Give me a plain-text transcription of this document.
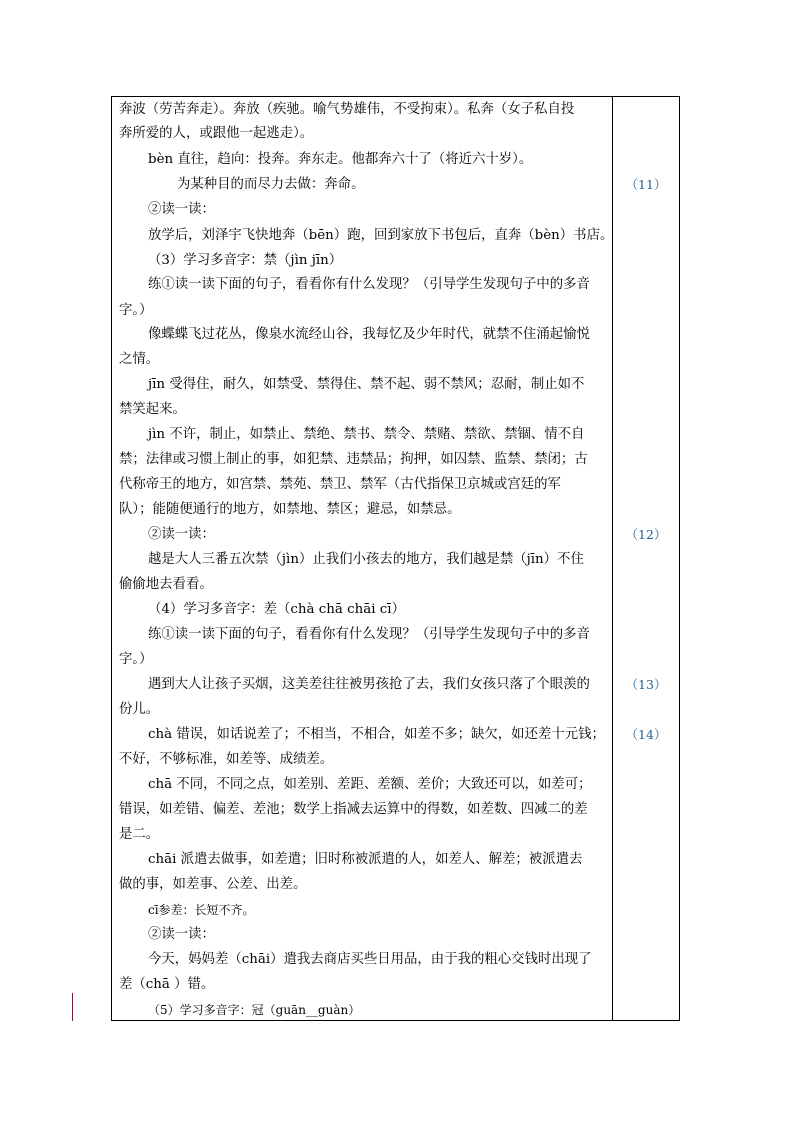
奔波（劳苦奔走）。奔放（疾驰。喻气势雄伟，不受拘束）。私奔（女子私自投
奔所爱的人，或跟他一起逃走）。
bèn 直往，趋向：投奔。奔东走。他都奔六十了（将近六十岁）。
为某种目的而尽力去做：奔命。
②读一读：
放学后，刘泽宇飞快地奔（bēn）跑，回到家放下书包后，直奔（bèn）书店。
（3）学习多音字：禁（jìn jīn）
练①读一读下面的句子，看看你有什么发现？（引导学生发现句子中的多音
字。）
像蝶蝶飞过花丛，像泉水流经山谷，我每忆及少年时代，就禁不住涌起愉悦
之情。
jīn 受得住，耐久，如禁受、禁得住、禁不起、弱不禁风；忍耐，制止如不
禁笑起来。
jìn 不许，制止，如禁止、禁绝、禁书、禁令、禁赌、禁欲、禁锢、情不自
禁；法律或习惯上制止的事，如犯禁、违禁品；拘押，如囚禁、监禁、禁闭；古
代称帝王的地方，如宫禁、禁苑、禁卫、禁军（古代指保卫京城或宫廷的军
队）；能随便通行的地方，如禁地、禁区；避忌，如禁忌。
②读一读：
越是大人三番五次禁（jìn）止我们小孩去的地方，我们越是禁（jīn）不住
偷偷地去看看。
（4）学习多音字：差（chà chā chāi cī）
练①读一读下面的句子，看看你有什么发现？（引导学生发现句子中的多音
字。）
遇到大人让孩子买烟，这美差往往被男孩抢了去，我们女孩只落了个眼羡的
份儿。
chà 错误，如话说差了；不相当，不相合，如差不多；缺欠，如还差十元钱；
不好，不够标准，如差等、成绩差。
chā 不同，不同之点，如差别、差距、差额、差价；大致还可以，如差可；
错误，如差错、偏差、差池；数学上指减去运算中的得数，如差数、四减二的差
是二。
chāi 派遣去做事，如差遣；旧时称被派遣的人，如差人、解差；被派遣去
做的事，如差事、公差、出差。
cī参差：长短不齐。
②读一读：
今天，妈妈差（chāi）遣我去商店买些日用品，由于我的粗心交钱时出现了
差（chā ）错。
（5）学习多音字：冠（guān__guàn）
（11）
（12）
（13）
（14）
